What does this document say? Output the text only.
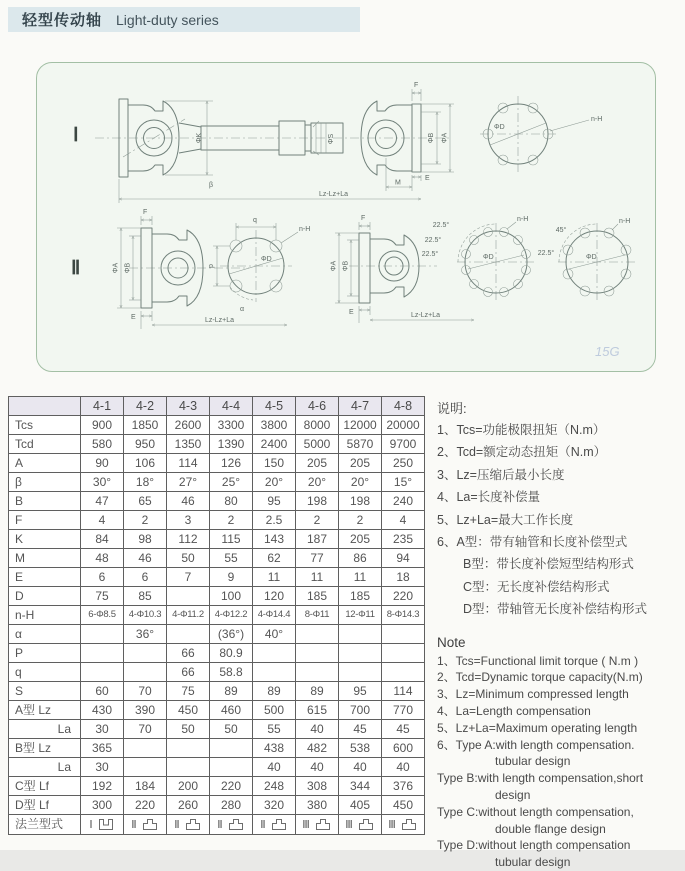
轻型传动轴 Light-duty series
Ⅰ	ΦK
β
ΦS
F
ΦB ΦA
E
M
Lz-Lz+La
ΦD
n-H
Ⅱ
F
ΦA ΦB
E	Lz-Lz+La
ΦD
q
p
n-H
α
F
ΦA ΦB
E	Lz-Lz+La
ΦD
22.5°
22.5°
22.5°
n-H
ΦD
45°
22.5°
n-H
15G
	4-1	4-2	4-3	4-4	4-5	4-6	4-7	4-8
Tcs	900	1850	2600	3300	3800	8000	12000	20000
Tcd	580	950	1350	1390	2400	5000	5870	9700
A	90	106	114	126	150	205	205	250
β	30°	18°	27°	25°	20°	20°	20°	15°
B	47	65	46	80	95	198	198	240
F	4	2	3	2	2.5	2	2	4
K	84	98	112	115	143	187	205	235
M	48	46	50	55	62	77	86	94
E	6	6	7	9	11	11	11	18
D	75	85		100	120	185	185	220
n-H	6-Φ8.5	4-Φ10.3	4-Φ11.2	4-Φ12.2	4-Φ14.4	8-Φ11	12-Φ11	8-Φ14.3
α		36°		(36°)	40°			
P			66	80.9				
q			66	58.8				
S	60	70	75	89	89	89	95	114
A型 Lz	430	390	450	460	500	615	700	770
La	30	70	50	50	55	40	45	45
B型 Lz	365				438	482	538	600
La	30				40	40	40	40
C型 Lf	192	184	200	220	248	308	344	376
D型 Lf	300	220	260	280	320	380	405	450
法兰型式	Ⅰ	Ⅱ	Ⅱ	Ⅱ	Ⅱ	Ⅲ	Ⅲ	Ⅲ
说明:
1、Tcs=功能极限扭矩（N.m）
2、Tcd=额定动态扭矩（N.m）
3、Lz=压缩后最小长度
4、La=长度补偿量
5、Lz+La=最大工作长度
6、A型：带有轴管和长度补偿型式
B型：带长度补偿短型结构形式
C型：无长度补偿结构形式
D型：带轴管无长度补偿结构形式
Note
1、Tcs=Functional limit torque ( N.m )
2、Tcd=Dynamic torque capacity(N.m)
3、Lz=Minimum compressed length
4、La=Length compensation
5、Lz+La=Maximum operating length
6、Type A:with length compensation.
tubular design
Type B:with length compensation,short
design
Type C:without length compensation,
double flange design
Type D:without length compensation
tubular design
